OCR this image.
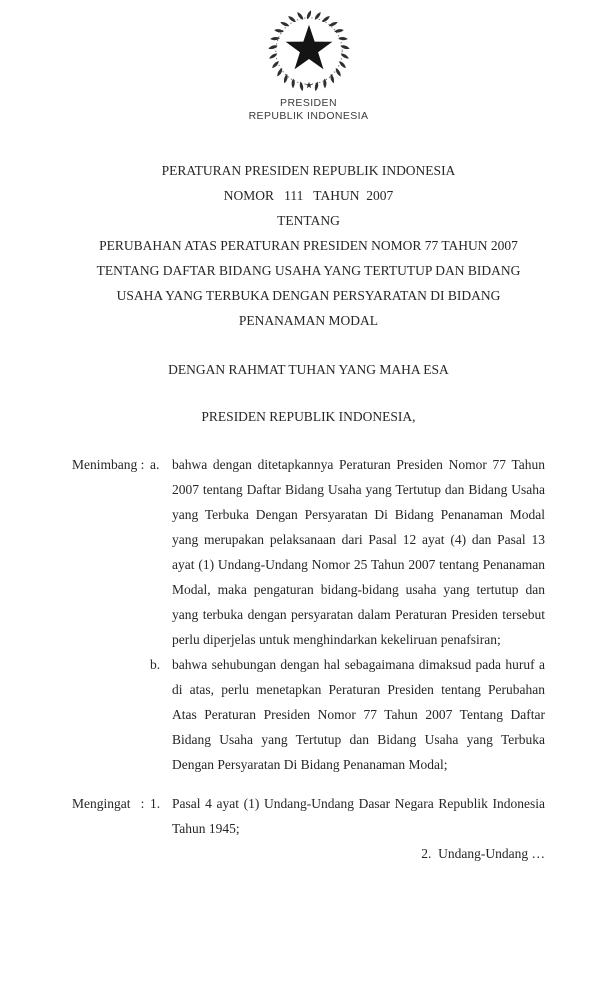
PRESIDEN
REPUBLIK INDONESIA
PERATURAN PRESIDEN REPUBLIK INDONESIA
NOMOR   111   TAHUN  2007
TENTANG
PERUBAHAN ATAS PERATURAN PRESIDEN NOMOR 77 TAHUN 2007
TENTANG DAFTAR BIDANG USAHA YANG TERTUTUP DAN BIDANG
USAHA YANG TERBUKA DENGAN PERSYARATAN DI BIDANG
PENANAMAN MODAL
DENGAN RAHMAT TUHAN YANG MAHA ESA
PRESIDEN REPUBLIK INDONESIA,
Menimbang : a. bahwa dengan ditetapkannya Peraturan Presiden Nomor 77 Tahun 2007 tentang Daftar Bidang Usaha yang Tertutup dan Bidang Usaha yang Terbuka Dengan Persyaratan Di Bidang Penanaman Modal yang merupakan pelaksanaan dari Pasal 12 ayat (4) dan Pasal 13 ayat (1) Undang-Undang Nomor 25 Tahun 2007 tentang Penanaman Modal, maka pengaturan bidang-bidang usaha yang tertutup dan yang terbuka dengan persyaratan dalam Peraturan Presiden tersebut perlu diperjelas untuk menghindarkan kekeliruan penafsiran;
b. bahwa sehubungan dengan hal sebagaimana dimaksud pada huruf a di atas, perlu menetapkan Peraturan Presiden tentang Perubahan Atas Peraturan Presiden Nomor 77 Tahun 2007 Tentang Daftar Bidang Usaha yang Tertutup dan Bidang Usaha yang Terbuka Dengan Persyaratan Di Bidang Penanaman Modal;
Mengingat   : 1. Pasal 4 ayat (1) Undang-Undang Dasar Negara Republik Indonesia Tahun 1945;
2.  Undang-Undang …
